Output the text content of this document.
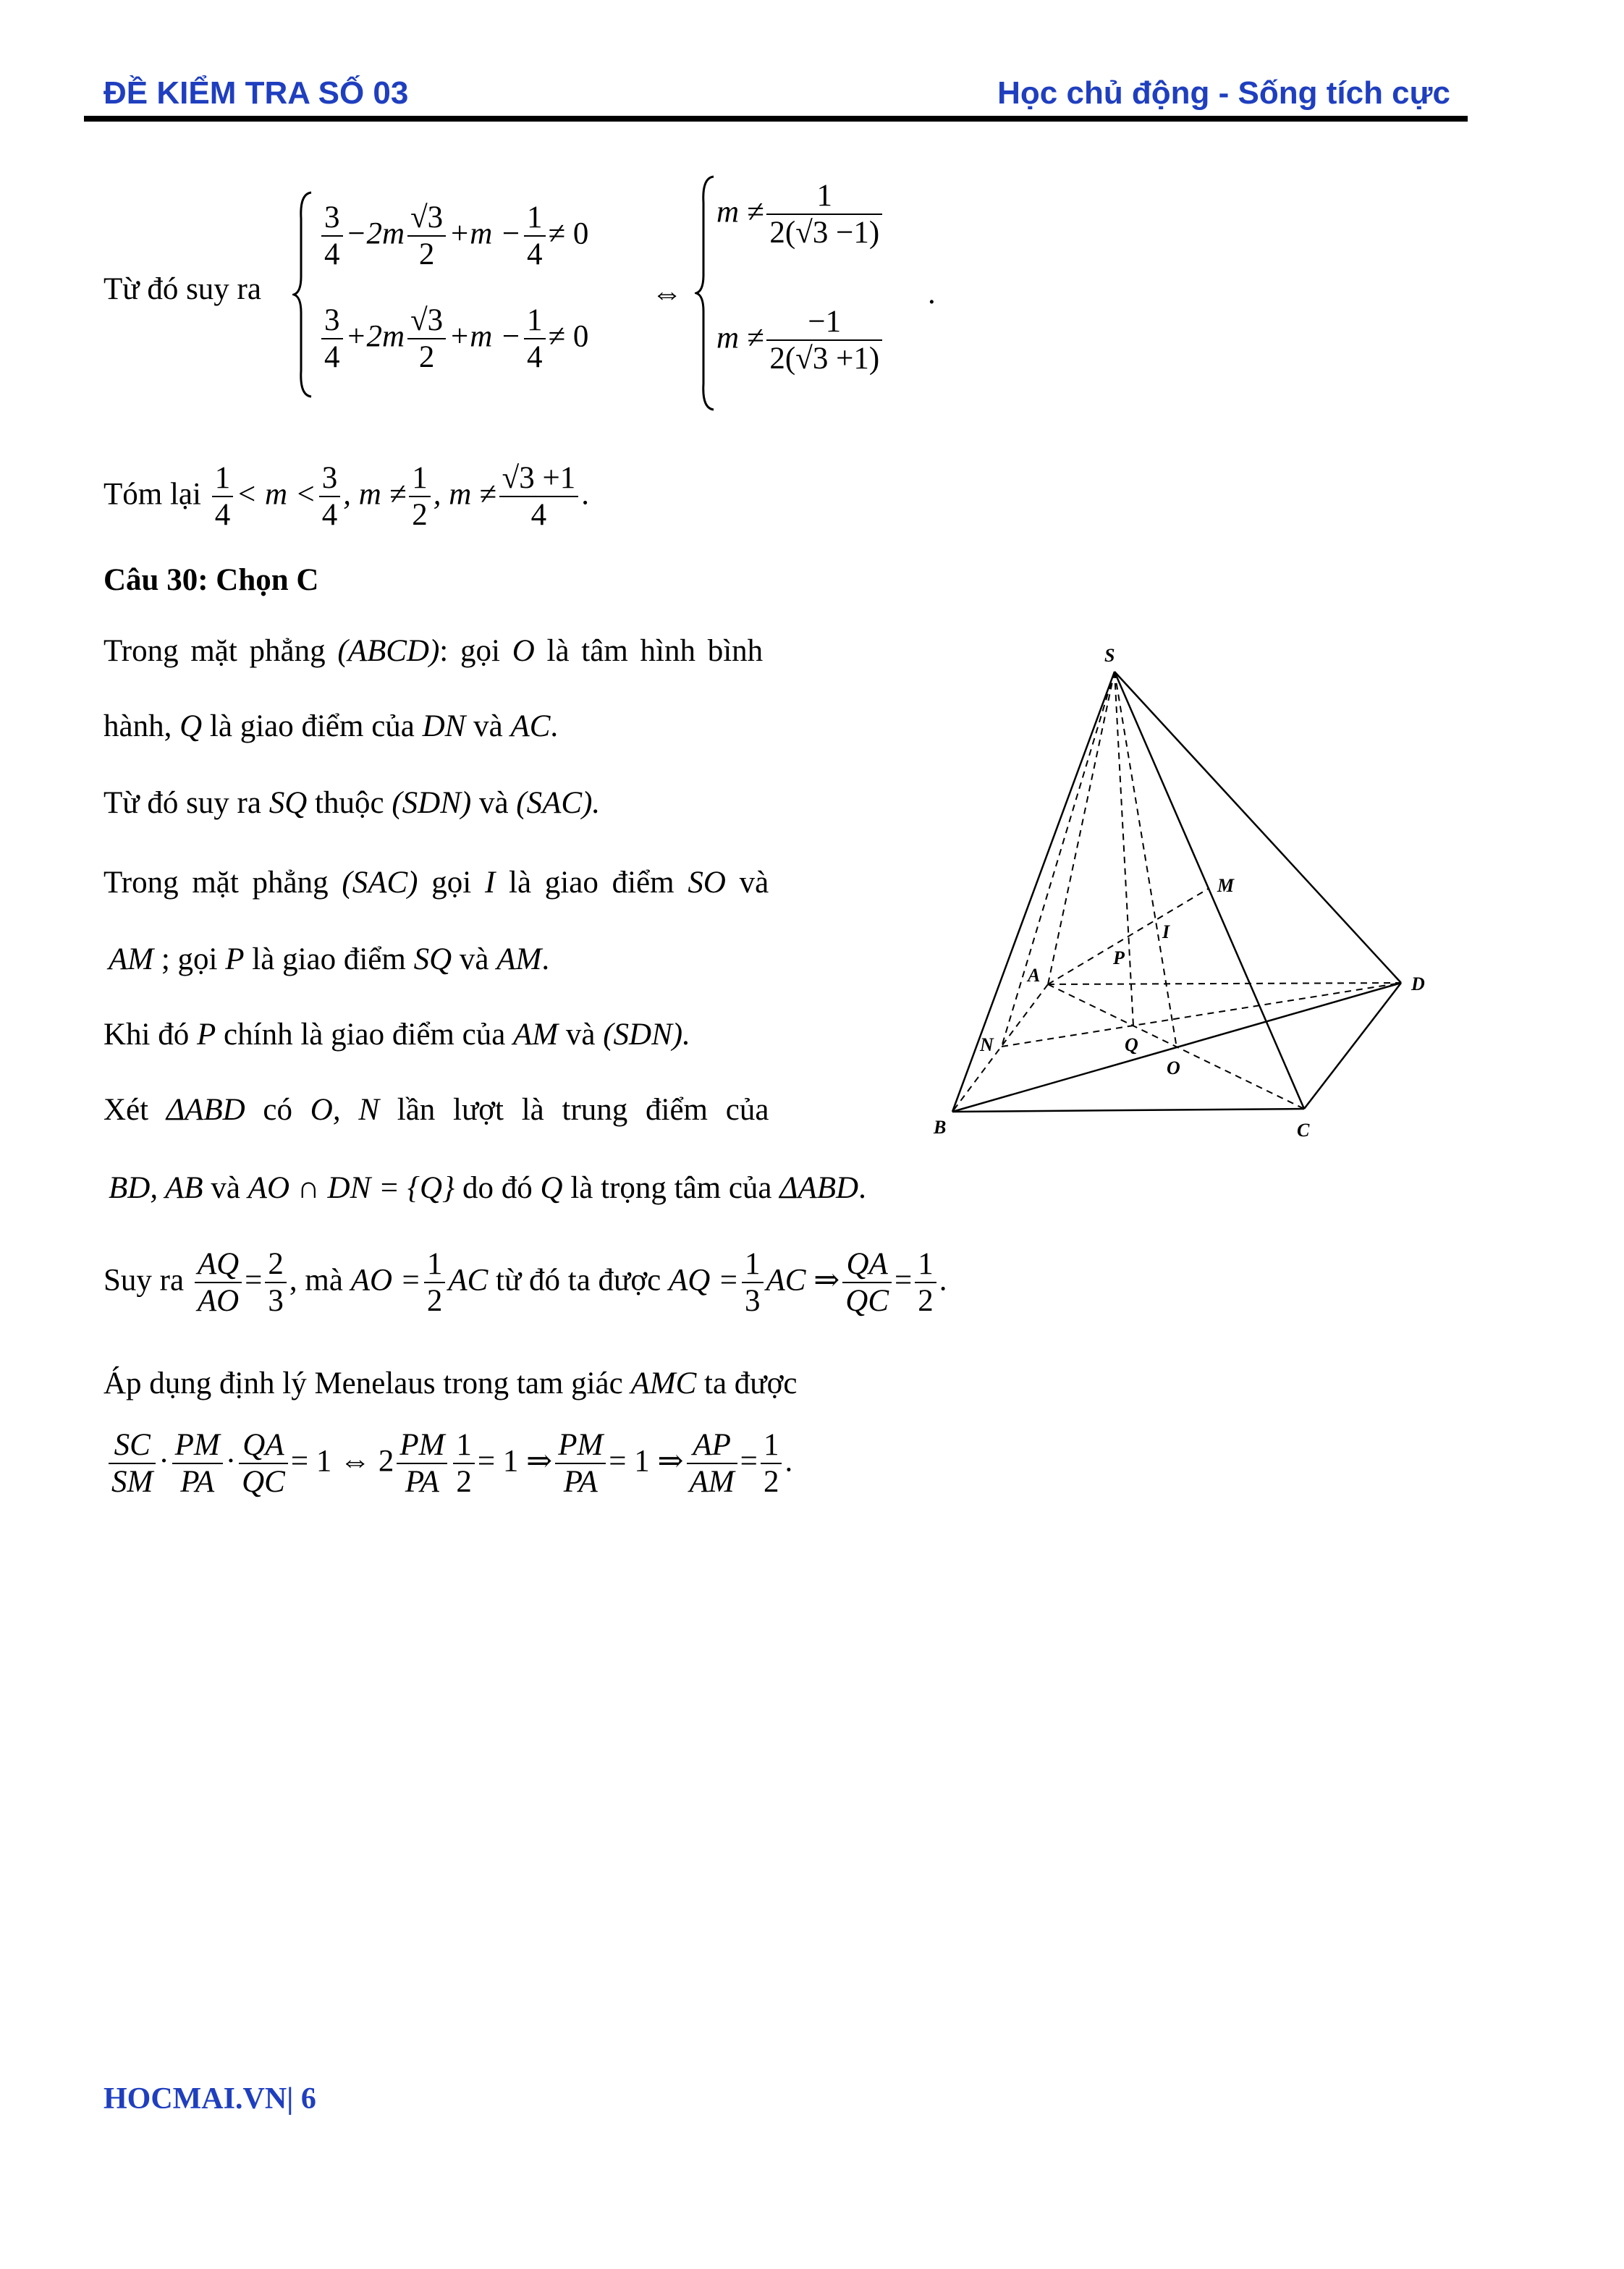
ĐỀ KIỂM TRA SỐ 03	Học chủ động - Sống tích cực
Từ đó suy ra
$\frac{3}{4} -2m \frac{√3}{2} +m - \frac{1}{4} \ne 0$
$\frac{3}{4} +2m \frac{√3}{2} +m - \frac{1}{4} \ne 0$
⇔
$m \ne \frac{1}{2(√3 -1)}$
$m \ne \frac{-1}{2(√3 +1)}$
.
Tóm lại $\frac{1}{4} < m < \frac{3}{4}$ , $m \ne \frac{1}{2}$ , $m \ne \frac{√3 +1}{4}$ .
Câu 30: Chọn C
Trong mặt phẳng (ABCD): gọi O là tâm hình bình
hành, Q là giao điểm của DN và AC.
Từ đó suy ra SQ thuộc (SDN) và (SAC).
Trong mặt phẳng (SAC) gọi I là giao điểm SO và
AM ; gọi P là giao điểm SQ và AM.
Khi đó P chính là giao điểm của AM và (SDN).
Xét ΔABD có O, N lần lượt là trung điểm của
BD, AB và AO ∩ DN = {Q} do đó Q là trọng tâm của ΔABD.
Suy ra $\frac{AQ}{AO} = \frac{2}{3}$ , mà AO = $\frac{1}{2}$ AC từ đó ta được AQ = $\frac{1}{3}$ AC ⇒ $\frac{QA}{QC} = \frac{1}{2}$ .
Áp dụng định lý Menelaus trong tam giác AMC ta được
$\frac{SC}{SM} \cdot \frac{PM}{PA} \cdot \frac{QA}{QC} = 1$ ⇔ $2 \frac{PM}{PA} \frac{1}{2} = 1$ ⇒ $\frac{PM}{PA} = 1$ ⇒ $\frac{AP}{AM} = \frac{1}{2}$ .
S
M
I
P
A	D
N	Q
O
B	C
HOCMAI.VN| 6
